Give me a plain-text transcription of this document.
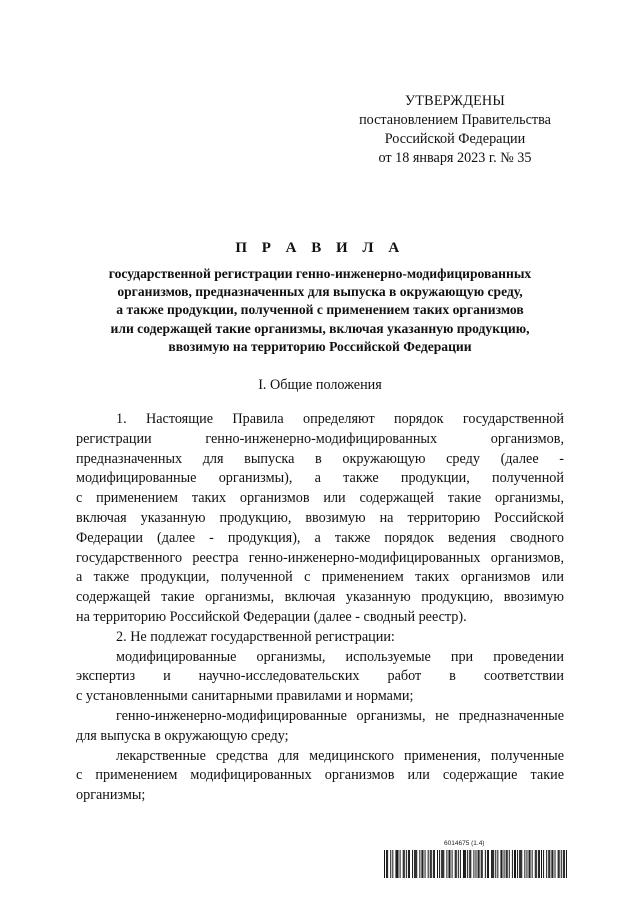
УТВЕРЖДЕНЫ
постановлением Правительства
Российской Федерации
от 18 января 2023 г. № 35
П Р А В И Л А
государственной регистрации генно-инженерно-модифицированных
организмов, предназначенных для выпуска в окружающую среду,
а также продукции, полученной с применением таких организмов
или содержащей такие организмы, включая указанную продукцию,
ввозимую на территорию Российской Федерации
I. Общие положения
1. Настоящие Правила определяют порядок государственной
регистрации генно-инженерно-модифицированных организмов,
предназначенных для выпуска в окружающую среду (далее -
модифицированные организмы), а также продукции, полученной
с применением таких организмов или содержащей такие организмы,
включая указанную продукцию, ввозимую на территорию Российской
Федерации (далее - продукция), а также порядок ведения сводного
государственного реестра генно-инженерно-модифицированных организмов,
а также продукции, полученной с применением таких организмов или
содержащей такие организмы, включая указанную продукцию, ввозимую
на территорию Российской Федерации (далее - сводный реестр).
2. Не подлежат государственной регистрации:
модифицированные организмы, используемые при проведении
экспертиз и научно-исследовательских работ в соответствии
с установленными санитарными правилами и нормами;
генно-инженерно-модифицированные организмы, не предназначенные
для выпуска в окружающую среду;
лекарственные средства для медицинского применения, полученные
с применением модифицированных организмов или содержащие такие
организмы;
6014675 (1.4)
